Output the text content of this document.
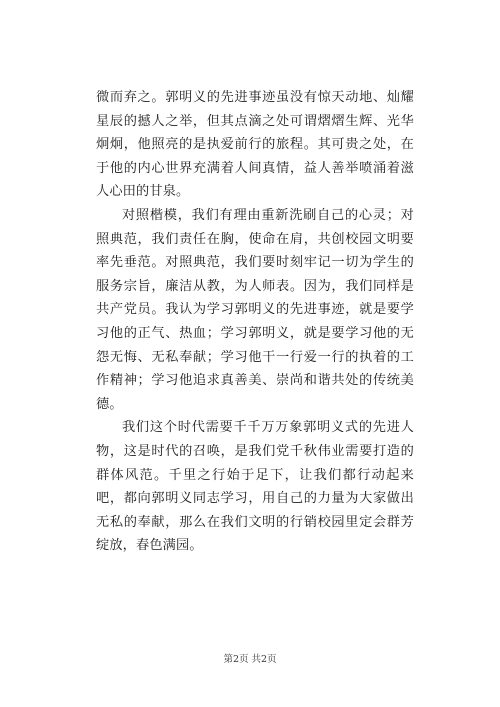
微而弃之。郭明义的先进事迹虽没有惊天动地、灿耀星辰的撼人之举，但其点滴之处可谓熠熠生辉、光华炯炯，他照亮的是执爱前行的旅程。其可贵之处，在于他的内心世界充满着人间真情，益人善举喷涌着滋人心田的甘泉。

对照楷模，我们有理由重新洗刷自己的心灵；对照典范，我们责任在胸，使命在肩，共创校园文明要率先垂范。对照典范，我们要时刻牢记一切为学生的服务宗旨，廉洁从教，为人师表。因为，我们同样是共产党员。我认为学习郭明义的先进事迹，就是要学习他的正气、热血；学习郭明义，就是要学习他的无怨无悔、无私奉献；学习他干一行爱一行的执着的工作精神；学习他追求真善美、崇尚和谐共处的传统美德。

我们这个时代需要千千万万象郭明义式的先进人物，这是时代的召唤，是我们党千秋伟业需要打造的群体风范。千里之行始于足下，让我们都行动起来吧，都向郭明义同志学习，用自己的力量为大家做出无私的奉献，那么在我们文明的行销校园里定会群芳绽放，春色满园。

第2页 共2页
